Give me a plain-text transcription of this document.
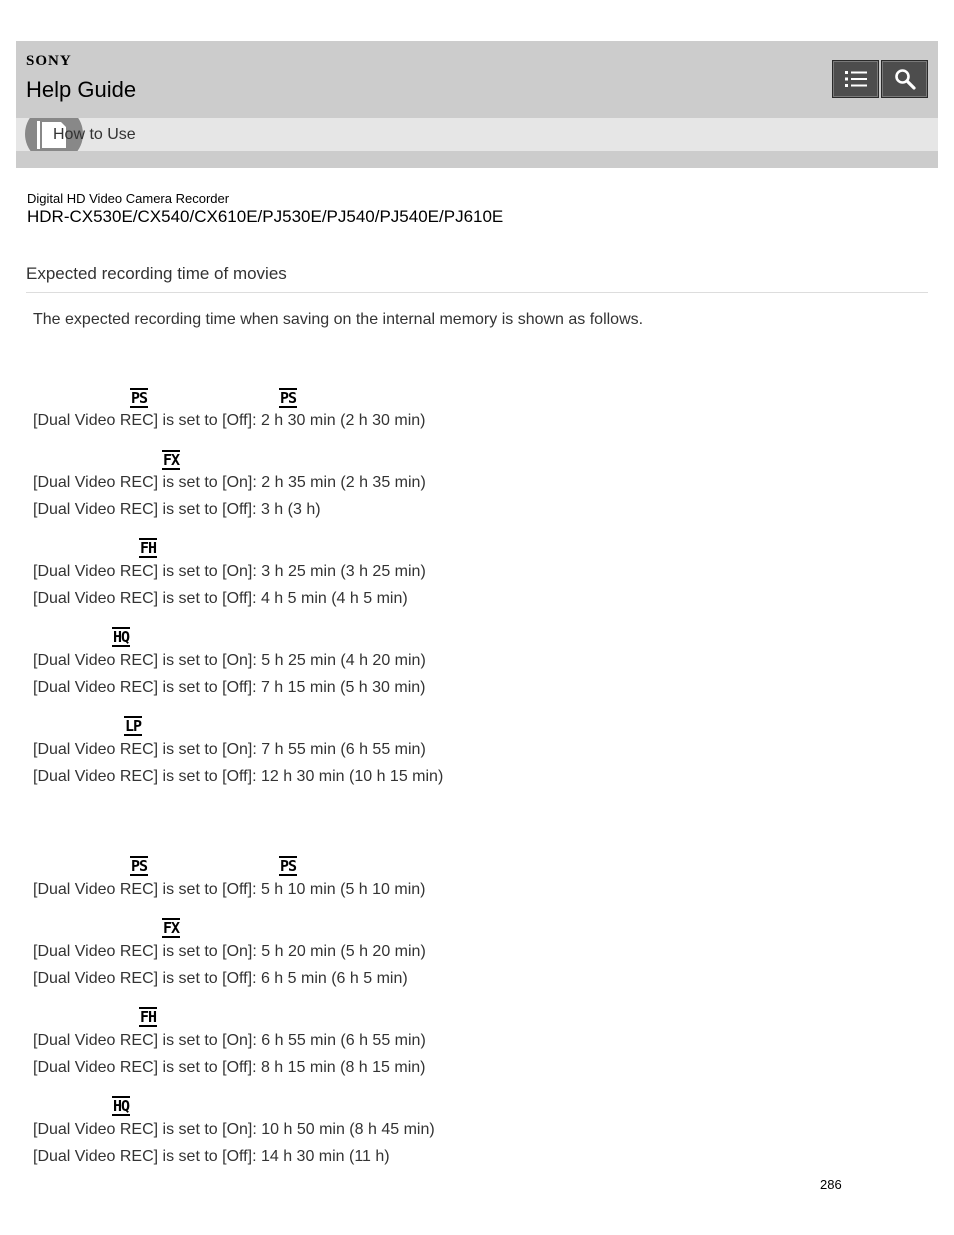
SONY
Help Guide
How to Use
Digital HD Video Camera Recorder
HDR-CX530E/CX540/CX610E/PJ530E/PJ540/PJ540E/PJ610E
Expected recording time of movies
The expected recording time when saving on the internal memory is shown as follows.
PS	PS
[Dual Video REC] is set to [Off]: 2 h 30 min (2 h 30 min)
FX
[Dual Video REC] is set to [On]: 2 h 35 min (2 h 35 min)
[Dual Video REC] is set to [Off]: 3 h (3 h)
FH
[Dual Video REC] is set to [On]: 3 h 25 min (3 h 25 min)
[Dual Video REC] is set to [Off]: 4 h 5 min (4 h 5 min)
HQ
[Dual Video REC] is set to [On]: 5 h 25 min (4 h 20 min)
[Dual Video REC] is set to [Off]: 7 h 15 min (5 h 30 min)
LP
[Dual Video REC] is set to [On]: 7 h 55 min (6 h 55 min)
[Dual Video REC] is set to [Off]: 12 h 30 min (10 h 15 min)
PS	PS
[Dual Video REC] is set to [Off]: 5 h 10 min (5 h 10 min)
FX
[Dual Video REC] is set to [On]: 5 h 20 min (5 h 20 min)
[Dual Video REC] is set to [Off]: 6 h 5 min (6 h 5 min)
FH
[Dual Video REC] is set to [On]: 6 h 55 min (6 h 55 min)
[Dual Video REC] is set to [Off]: 8 h 15 min (8 h 15 min)
HQ
[Dual Video REC] is set to [On]: 10 h 50 min (8 h 45 min)
[Dual Video REC] is set to [Off]: 14 h 30 min (11 h)
286
